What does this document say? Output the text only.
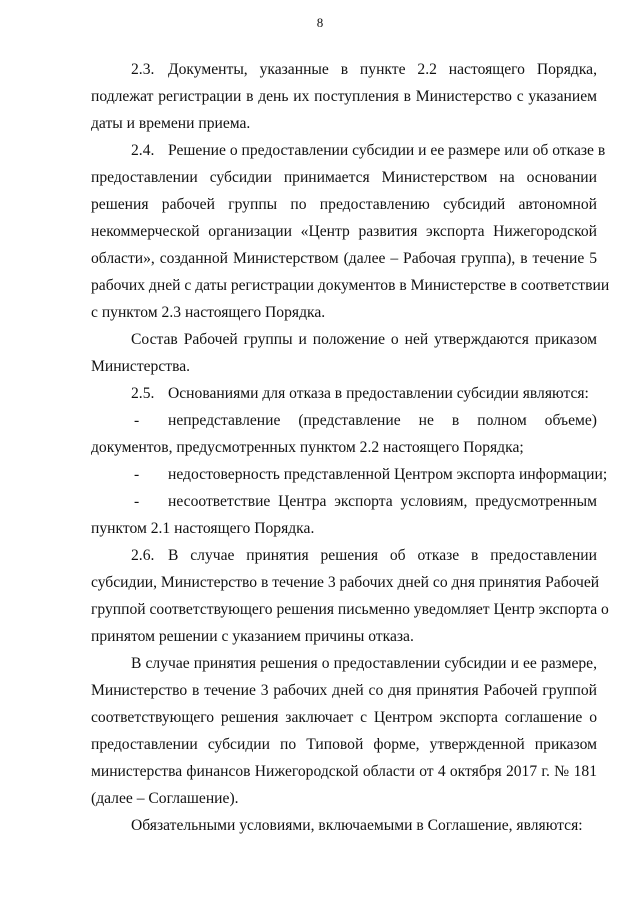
8
2.3. Документы, указанные в пункте 2.2 настоящего Порядка,
подлежат регистрации в день их поступления в Министерство с указанием
даты и времени приема.
2.4. Решение о предоставлении субсидии и ее размере или об отказе в
предоставлении субсидии принимается Министерством на основании
решения рабочей группы по предоставлению субсидий автономной
некоммерческой организации «Центр развития экспорта Нижегородской
области», созданной Министерством (далее – Рабочая группа), в течение 5
рабочих дней с даты регистрации документов в Министерстве в соответствии
с пунктом 2.3 настоящего Порядка.
Состав Рабочей группы и положение о ней утверждаются приказом
Министерства.
2.5. Основаниями для отказа в предоставлении субсидии являются:
- непредставление (представление не в полном объеме)
документов, предусмотренных пунктом 2.2 настоящего Порядка;
- недостоверность представленной Центром экспорта информации;
- несоответствие Центра экспорта условиям, предусмотренным
пунктом 2.1 настоящего Порядка.
2.6. В случае принятия решения об отказе в предоставлении
субсидии, Министерство в течение 3 рабочих дней со дня принятия Рабочей
группой соответствующего решения письменно уведомляет Центр экспорта о
принятом решении с указанием причины отказа.
В случае принятия решения о предоставлении субсидии и ее размере,
Министерство в течение 3 рабочих дней со дня принятия Рабочей группой
соответствующего решения заключает с Центром экспорта соглашение о
предоставлении субсидии по Типовой форме, утвержденной приказом
министерства финансов Нижегородской области от 4 октября 2017 г. № 181
(далее – Соглашение).
Обязательными условиями, включаемыми в Соглашение, являются:
